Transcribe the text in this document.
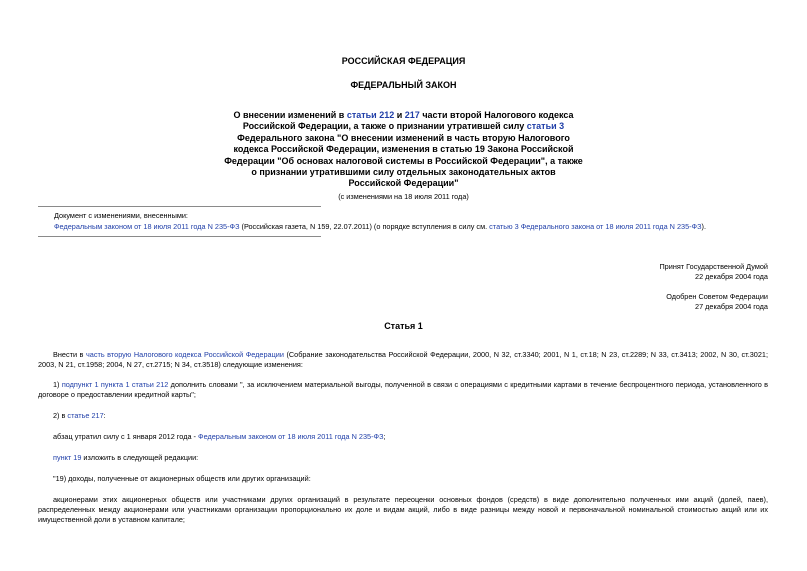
РОССИЙСКАЯ ФЕДЕРАЦИЯ
ФЕДЕРАЛЬНЫЙ ЗАКОН
О внесении изменений в статьи 212 и 217 части второй Налогового кодекса
Российской Федерации, а также о признании утратившей силу статьи 3
Федерального закона "О внесении изменений в часть вторую Налогового
кодекса Российской Федерации, изменения в статью 19 Закона Российской
Федерации "Об основах налоговой системы в Российской Федерации", а также
о признании утратившими силу отдельных законодательных актов
Российской Федерации"
(с изменениями на 18 июля 2011 года)
Документ с изменениями, внесенными:
Федеральным законом от 18 июля 2011 года N 235-ФЗ (Российская газета, N 159, 22.07.2011) (о порядке вступления в силу см. статью 3 Федерального закона от 18 июля 2011 года N 235-ФЗ).
Принят Государственной Думой
22 декабря 2004 года
Одобрен Советом Федерации
27 декабря 2004 года
Статья 1
Внести в часть вторую Налогового кодекса Российской Федерации (Собрание законодательства Российской Федерации, 2000, N 32, ст.3340; 2001, N 1, ст.18; N 23, ст.2289; N 33, ст.3413; 2002, N 30, ст.3021; 2003, N 21, ст.1958; 2004, N 27, ст.2715; N 34, ст.3518) следующие изменения:
1) подпункт 1 пункта 1 статьи 212 дополнить словами ", за исключением материальной выгоды, полученной в связи с операциями с кредитными картами в течение беспроцентного периода, установленного в договоре о предоставлении кредитной карты";
2) в статье 217:
абзац утратил силу с 1 января 2012 года - Федеральным законом от 18 июля 2011 года N 235-ФЗ;
пункт 19 изложить в следующей редакции:
"19) доходы, полученные от акционерных обществ или других организаций:
акционерами этих акционерных обществ или участниками других организаций в результате переоценки основных фондов (средств) в виде дополнительно полученных ими акций (долей, паев), распределенных между акционерами или участниками организации пропорционально их доле и видам акций, либо в виде разницы между новой и первоначальной номинальной стоимостью акций или их имущественной доли в уставном капитале;
